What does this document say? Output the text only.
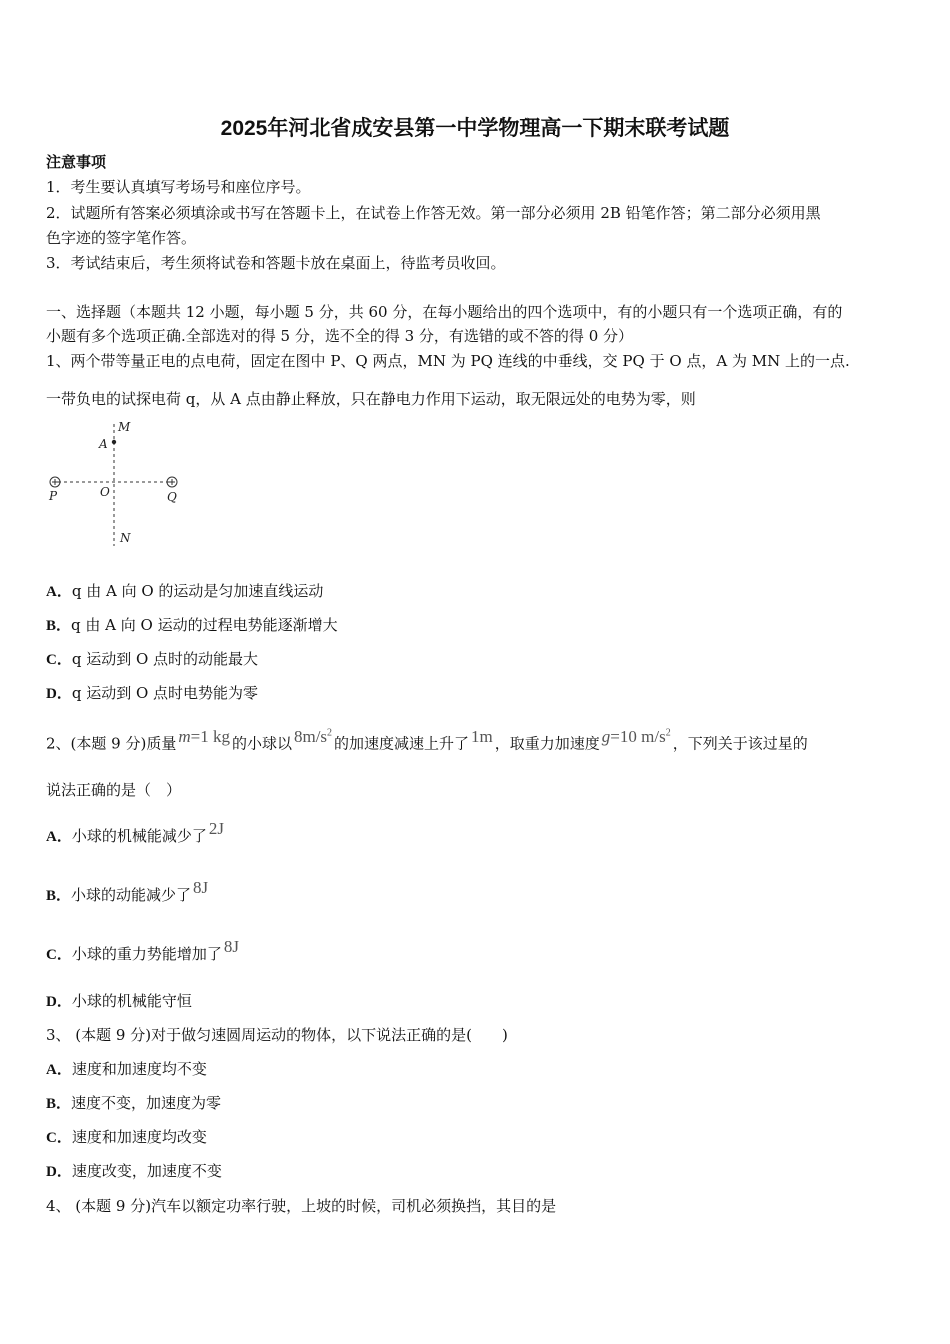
2025年河北省成安县第一中学物理高一下期末联考试题
注意事项
1．考生要认真填写考场号和座位序号。
2．试题所有答案必须填涂或书写在答题卡上，在试卷上作答无效。第一部分必须用 2B 铅笔作答；第二部分必须用黑
色字迹的签字笔作答。
3．考试结束后，考生须将试卷和答题卡放在桌面上，待监考员收回。
一、选择题（本题共 12 小题，每小题 5 分，共 60 分，在每小题给出的四个选项中，有的小题只有一个选项正确，有的
小题有多个选项正确.全部选对的得 5 分，选不全的得 3 分，有选错的或不答的得 0 分）
1、两个带等量正电的点电荷，固定在图中 P、Q 两点，MN 为 PQ 连线的中垂线，交 PQ 于 O 点，A 为 MN 上的一点.
一带负电的试探电荷 q，从 A 点由静止释放，只在静电力作用下运动，取无限远处的电势为零，则
M
A
P	O	Q
N
A．q 由 A 向 O 的运动是匀加速直线运动
B．q 由 A 向 O 运动的过程电势能逐渐增大
C．q 运动到 O 点时的动能最大
D．q 运动到 O 点时电势能为零
2、(本题 9 分)质量 m=1 kg 的小球以 $8m/s^2$的加速度减速上升了 1m ，取重力加速度 g=10 $m/s^2$，下列关于该过星的
说法正确的是（　）
A．小球的机械能减少了 2J
B．小球的动能减少了 8J
C．小球的重力势能增加了 8J
D．小球的机械能守恒
3、 (本题 9 分)对于做匀速圆周运动的物体，以下说法正确的是(　　)
A．速度和加速度均不变
B．速度不变，加速度为零
C．速度和加速度均改变
D．速度改变，加速度不变
4、 (本题 9 分)汽车以额定功率行驶，上坡的时候，司机必须换挡，其目的是
